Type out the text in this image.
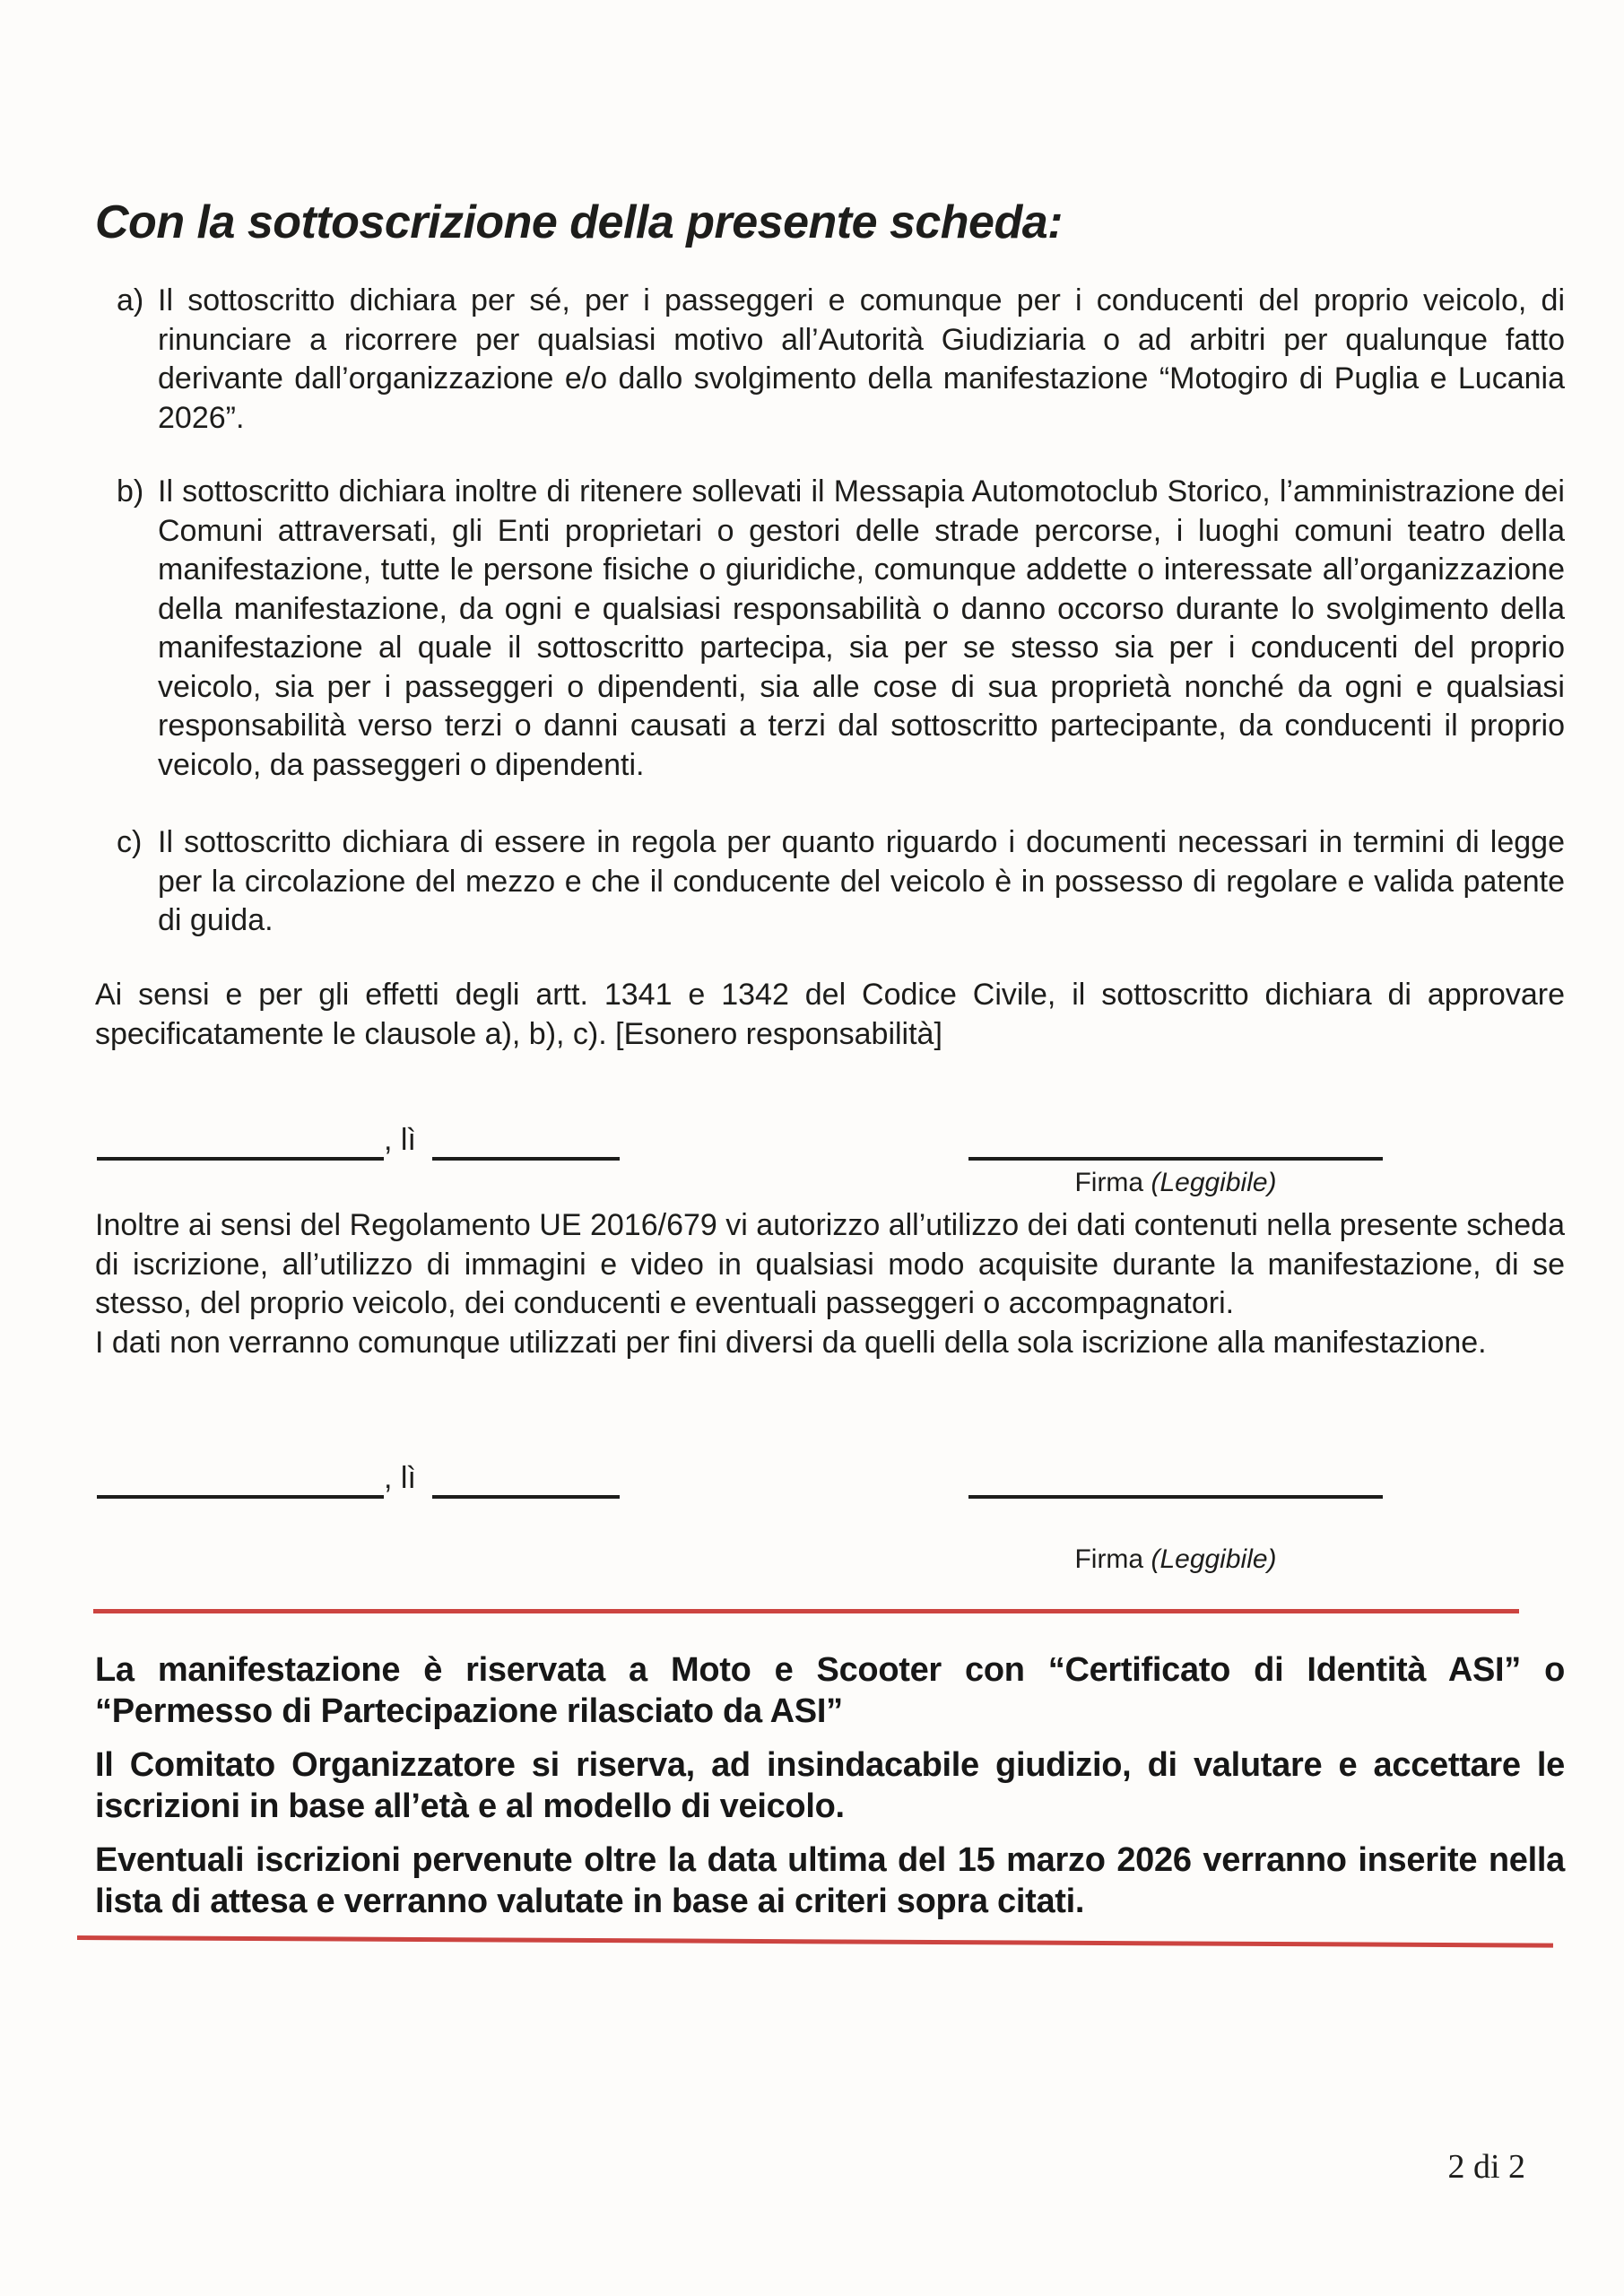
Con la sottoscrizione della presente scheda:
a) Il sottoscritto dichiara per sé, per i passeggeri e comunque per i conducenti del proprio veicolo, di rinunciare a ricorrere per qualsiasi motivo all’Autorità Giudiziaria o ad arbitri per qualunque fatto derivante dall’organizzazione e/o dallo svolgimento della manifestazione “Motogiro di Puglia e Lucania 2026”.

b) Il sottoscritto dichiara inoltre di ritenere sollevati il Messapia Automotoclub Storico, l’amministrazione dei Comuni attraversati, gli Enti proprietari o gestori delle strade percorse, i luoghi comuni teatro della manifestazione, tutte le persone fisiche o giuridiche, comunque addette o interessate all’organizzazione della manifestazione, da ogni e qualsiasi responsabilità o danno occorso durante lo svolgimento della manifestazione al quale il sottoscritto partecipa, sia per se stesso sia per i conducenti del proprio veicolo, sia per i passeggeri o dipendenti, sia alle cose di sua proprietà nonché da ogni e qualsiasi responsabilità verso terzi o danni causati a terzi dal sottoscritto partecipante, da conducenti il proprio veicolo, da passeggeri o dipendenti.

c) Il sottoscritto dichiara di essere in regola per quanto riguardo i documenti necessari in termini di legge per la circolazione del mezzo e che il conducente del veicolo è in possesso di regolare e valida patente di guida.

Ai sensi e per gli effetti degli artt. 1341 e 1342 del Codice Civile, il sottoscritto dichiara di approvare specificatamente le clausole a), b), c). [Esonero responsabilità]

, lì
Firma (Leggibile)

Inoltre ai sensi del Regolamento UE 2016/679 vi autorizzo all’utilizzo dei dati contenuti nella presente scheda di iscrizione, all’utilizzo di immagini e video in qualsiasi modo acquisite durante la manifestazione, di se stesso, del proprio veicolo, dei conducenti e eventuali passeggeri o accompagnatori.

I dati non verranno comunque utilizzati per fini diversi da quelli della sola iscrizione alla manifestazione.

, lì
Firma (Leggibile)

La manifestazione è riservata a Moto e Scooter con “Certificato di Identità ASI” o “Permesso di Partecipazione rilasciato da ASI”

Il Comitato Organizzatore si riserva, ad insindacabile giudizio, di valutare e accettare le iscrizioni in base all’età e al modello di veicolo.

Eventuali iscrizioni pervenute oltre la data ultima del 15 marzo 2026 verranno inserite nella lista di attesa e verranno valutate in base ai criteri sopra citati.

2 di 2
